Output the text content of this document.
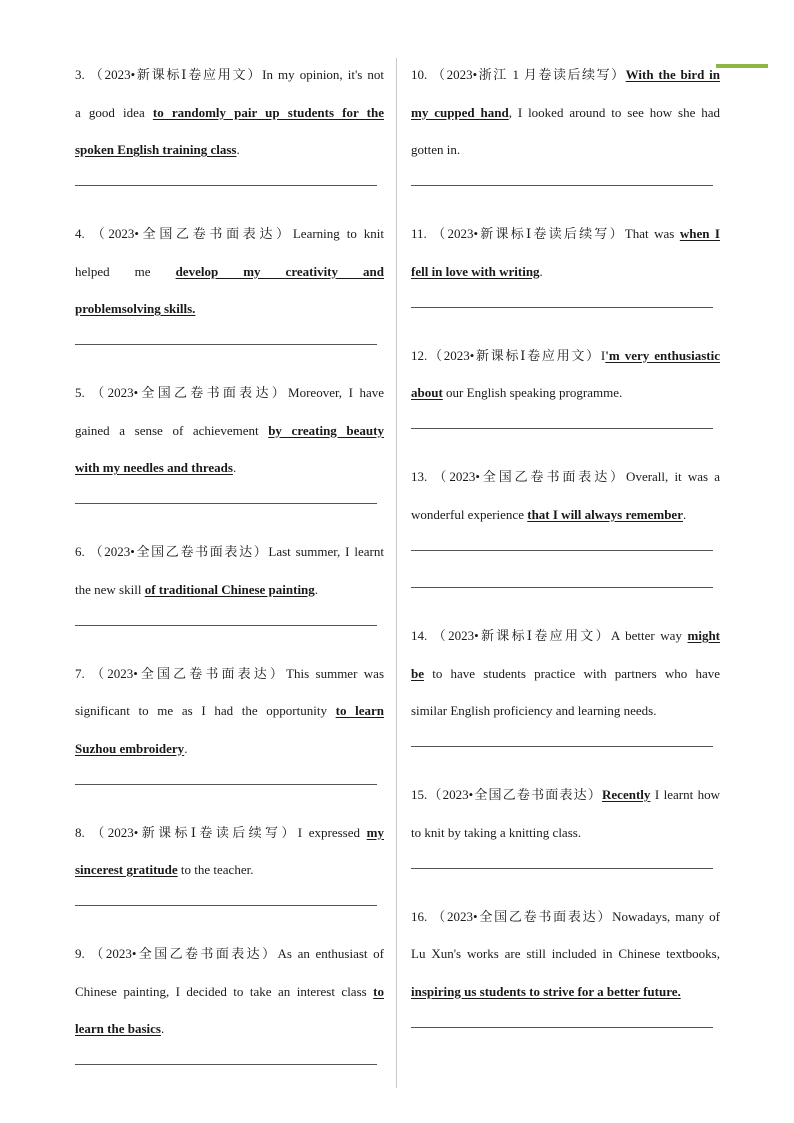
3. （2023•新课标Ⅰ卷应用文）In my opinion, it's not
a good idea to randomly pair up students for the
spoken English training class.
4. （2023•全国乙卷书面表达）Learning to knit
helped me develop my creativity and
problemsolving skills.
5. （2023•全国乙卷书面表达）Moreover, I have
gained a sense of achievement by creating beauty
with my needles and threads.
6. （2023•全国乙卷书面表达）Last summer, I learnt
the new skill of traditional Chinese painting.
7. （2023•全国乙卷书面表达）This summer was
significant to me as I had the opportunity to learn
Suzhou embroidery.
8. （2023•新课标Ⅰ卷读后续写）I expressed my
sincerest gratitude to the teacher.
9. （2023•全国乙卷书面表达）As an enthusiast of
Chinese painting, I decided to take an interest class to
learn the basics.
10. （2023•浙江 1 月卷读后续写）With the bird in
my cupped hand, I looked around to see how she had
gotten in.
11. （2023•新课标Ⅰ卷读后续写）That was when I
fell in love with writing.
12.（2023•新课标Ⅰ卷应用文）I'm very enthusiastic
about our English speaking programme.
13. （2023•全国乙卷书面表达）Overall, it was a
wonderful experience that I will always remember.
14. （2023•新课标Ⅰ卷应用文）A better way might
be to have students practice with partners who have
similar English proficiency and learning needs.
15.（2023•全国乙卷书面表达）Recently I learnt how
to knit by taking a knitting class.
16. （2023•全国乙卷书面表达）Nowadays, many of
Lu Xun's works are still included in Chinese textbooks,
inspiring us students to strive for a better future.
